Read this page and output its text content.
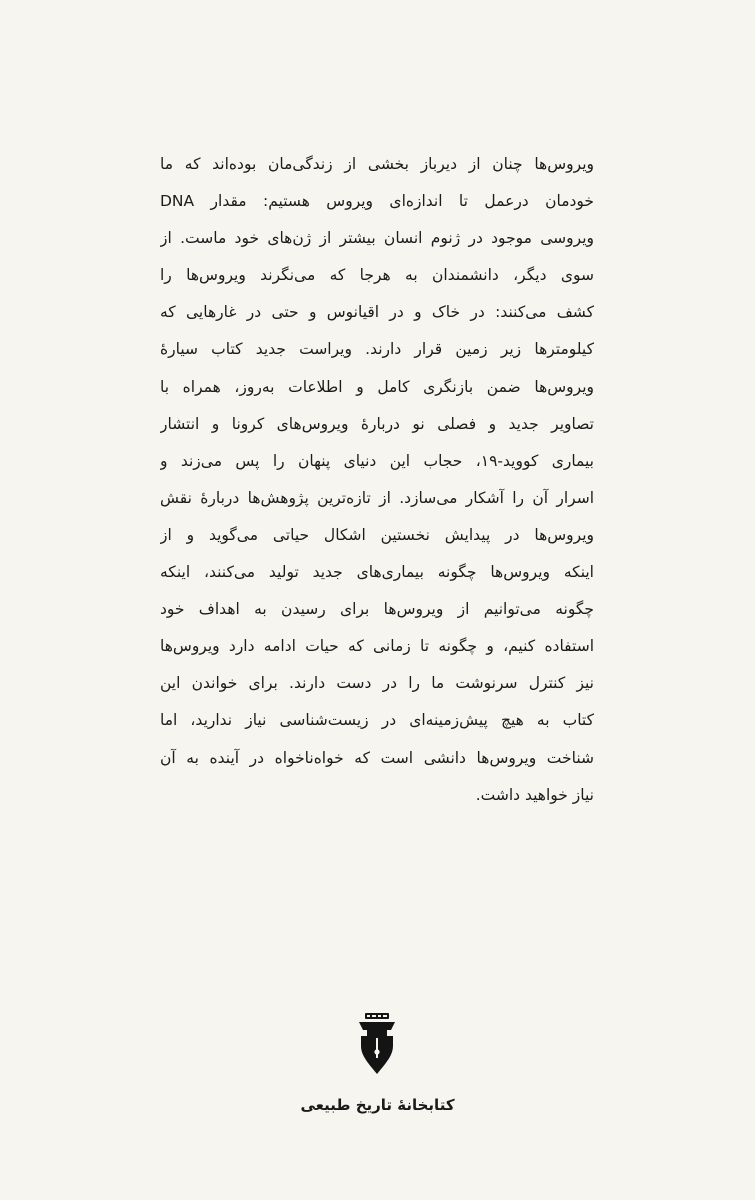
ویروس‌ها چنان از دیرباز بخشی از زندگی‌مان بوده‌اند که ما
خودمان درعمل تا اندازه‌ای ویروس هستیم: مقدار DNA
ویروسی موجود در ژنوم انسان بیشتر از ژن‌های خود ماست. از
سوی دیگر، دانشمندان به هرجا که می‌نگرند ویروس‌ها را
کشف می‌کنند: در خاک و در اقیانوس و حتی در غارهایی که
کیلومترها زیر زمین قرار دارند. ویراست جدید کتاب سیارهٔ
ویروس‌ها ضمن بازنگری کامل و اطلاعات به‌روز، همراه با
تصاویر جدید و فصلی نو دربارهٔ ویروس‌های کرونا و انتشار
بیماری کووید-۱۹، حجاب این دنیای پنهان را پس می‌زند و
اسرار آن را آشکار می‌سازد. از تازه‌ترین پژوهش‌ها دربارهٔ نقش
ویروس‌ها در پیدایش نخستین اشکال حیاتی می‌گوید و از
اینکه ویروس‌ها چگونه بیماری‌های جدید تولید می‌کنند، اینکه
چگونه می‌توانیم از ویروس‌ها برای رسیدن به اهداف خود
استفاده کنیم، و چگونه تا زمانی که حیات ادامه دارد ویروس‌ها
نیز کنترل سرنوشت ما را در دست دارند. برای خواندن این
کتاب به هیچ پیش‌زمینه‌ای در زیست‌شناسی نیاز ندارید، اما
شناخت ویروس‌ها دانشی است که خواه‌ناخواه در آینده به آن
نیاز خواهید داشت.
کتابخانهٔ تاریخ طبیعی
